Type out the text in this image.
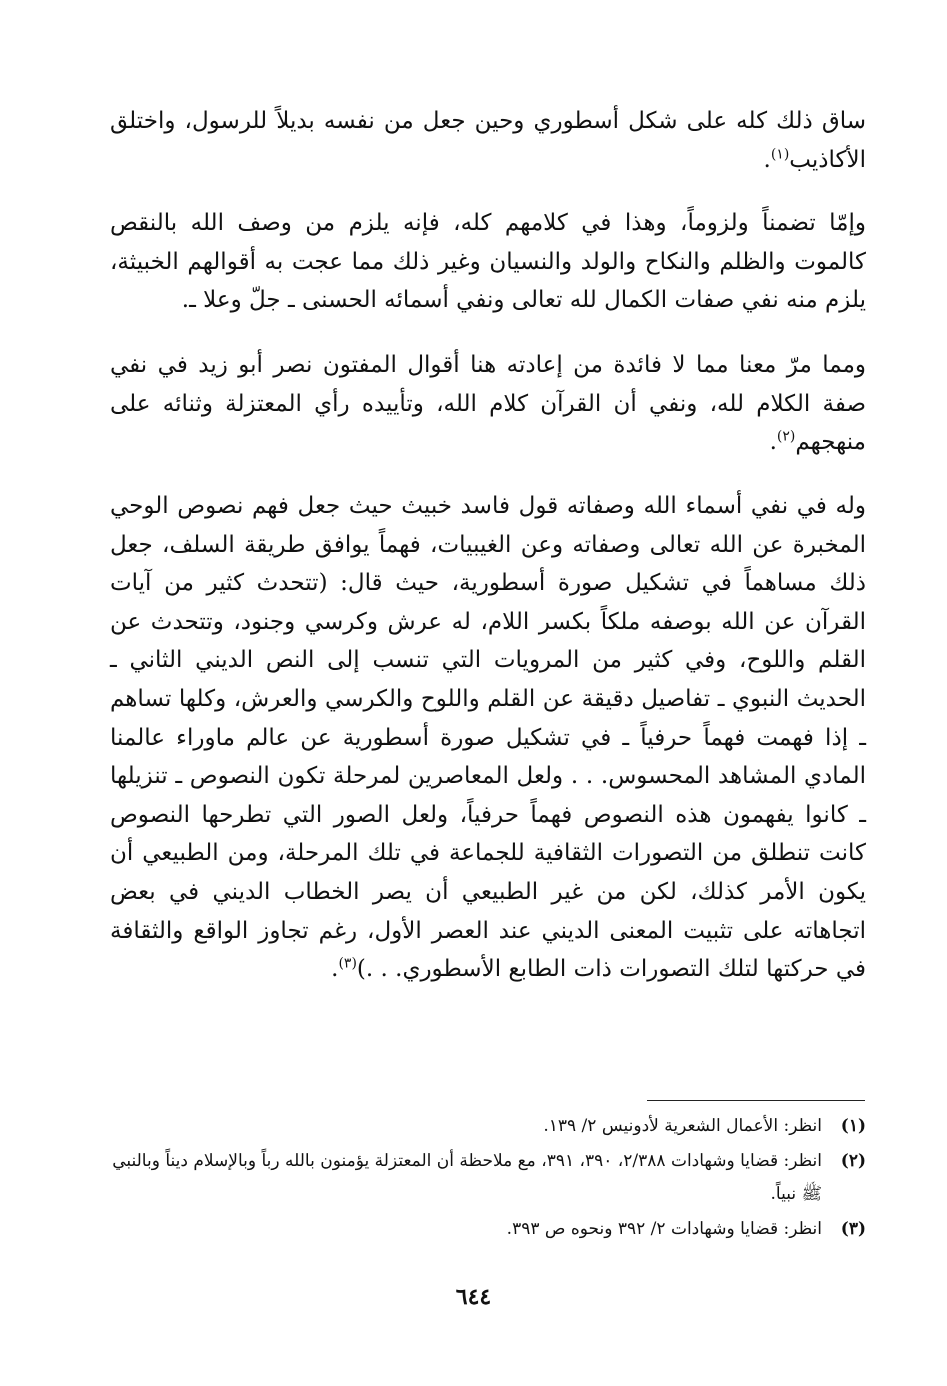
ساق ذلك كله على شكل أسطوري وحين جعل من نفسه بديلاً للرسول، واختلق الأكاذيب$^{(١)}$.

وإمّا تضمناً ولزوماً، وهذا في كلامهم كله، فإنه يلزم من وصف الله بالنقص كالموت والظلم والنكاح والولد والنسيان وغير ذلك مما عجت به أقوالهم الخبيثة، يلزم منه نفي صفات الكمال لله تعالى ونفي أسمائه الحسنى ـ جلّ وعلا ـ.

ومما مرّ معنا مما لا فائدة من إعادته هنا أقوال المفتون نصر أبو زيد في نفي صفة الكلام لله، ونفي أن القرآن كلام الله، وتأييده رأي المعتزلة وثنائه على منهجهم$^{(٢)}$.

وله في نفي أسماء الله وصفاته قول فاسد خبيث حيث جعل فهم نصوص الوحي المخبرة عن الله تعالى وصفاته وعن الغيبيات، فهماً يوافق طريقة السلف، جعل ذلك مساهماً في تشكيل صورة أسطورية، حيث قال: (تتحدث كثير من آيات القرآن عن الله بوصفه ملكاً بكسر اللام، له عرش وكرسي وجنود، وتتحدث عن القلم واللوح، وفي كثير من المرويات التي تنسب إلى النص الديني الثاني ـ الحديث النبوي ـ تفاصيل دقيقة عن القلم واللوح والكرسي والعرش، وكلها تساهم ـ إذا فهمت فهماً حرفياً ـ في تشكيل صورة أسطورية عن عالم ماوراء عالمنا المادي المشاهد المحسوس. . . ولعل المعاصرين لمرحلة تكون النصوص ـ تنزيلها ـ كانوا يفهمون هذه النصوص فهماً حرفياً، ولعل الصور التي تطرحها النصوص كانت تنطلق من التصورات الثقافية للجماعة في تلك المرحلة، ومن الطبيعي أن يكون الأمر كذلك، لكن من غير الطبيعي أن يصر الخطاب الديني في بعض اتجاهاته على تثبيت المعنى الديني عند العصر الأول، رغم تجاوز الواقع والثقافة في حركتها لتلك التصورات ذات الطابع الأسطوري. . .)$^{(٣)}$.

(١)
انظر: الأعمال الشعرية لأدونيس ٢/ ١٣٩.
(٢)
انظر: قضايا وشهادات ٢/٣٨٨، ٣٩٠، ٣٩١، مع ملاحظة أن المعتزلة يؤمنون بالله رباً وبالإسلام ديناً وبالنبي ﷺ نبياً.
(٣)
انظر: قضايا وشهادات ٢/ ٣٩٢ ونحوه ص ٣٩٣.
٦٤٤
